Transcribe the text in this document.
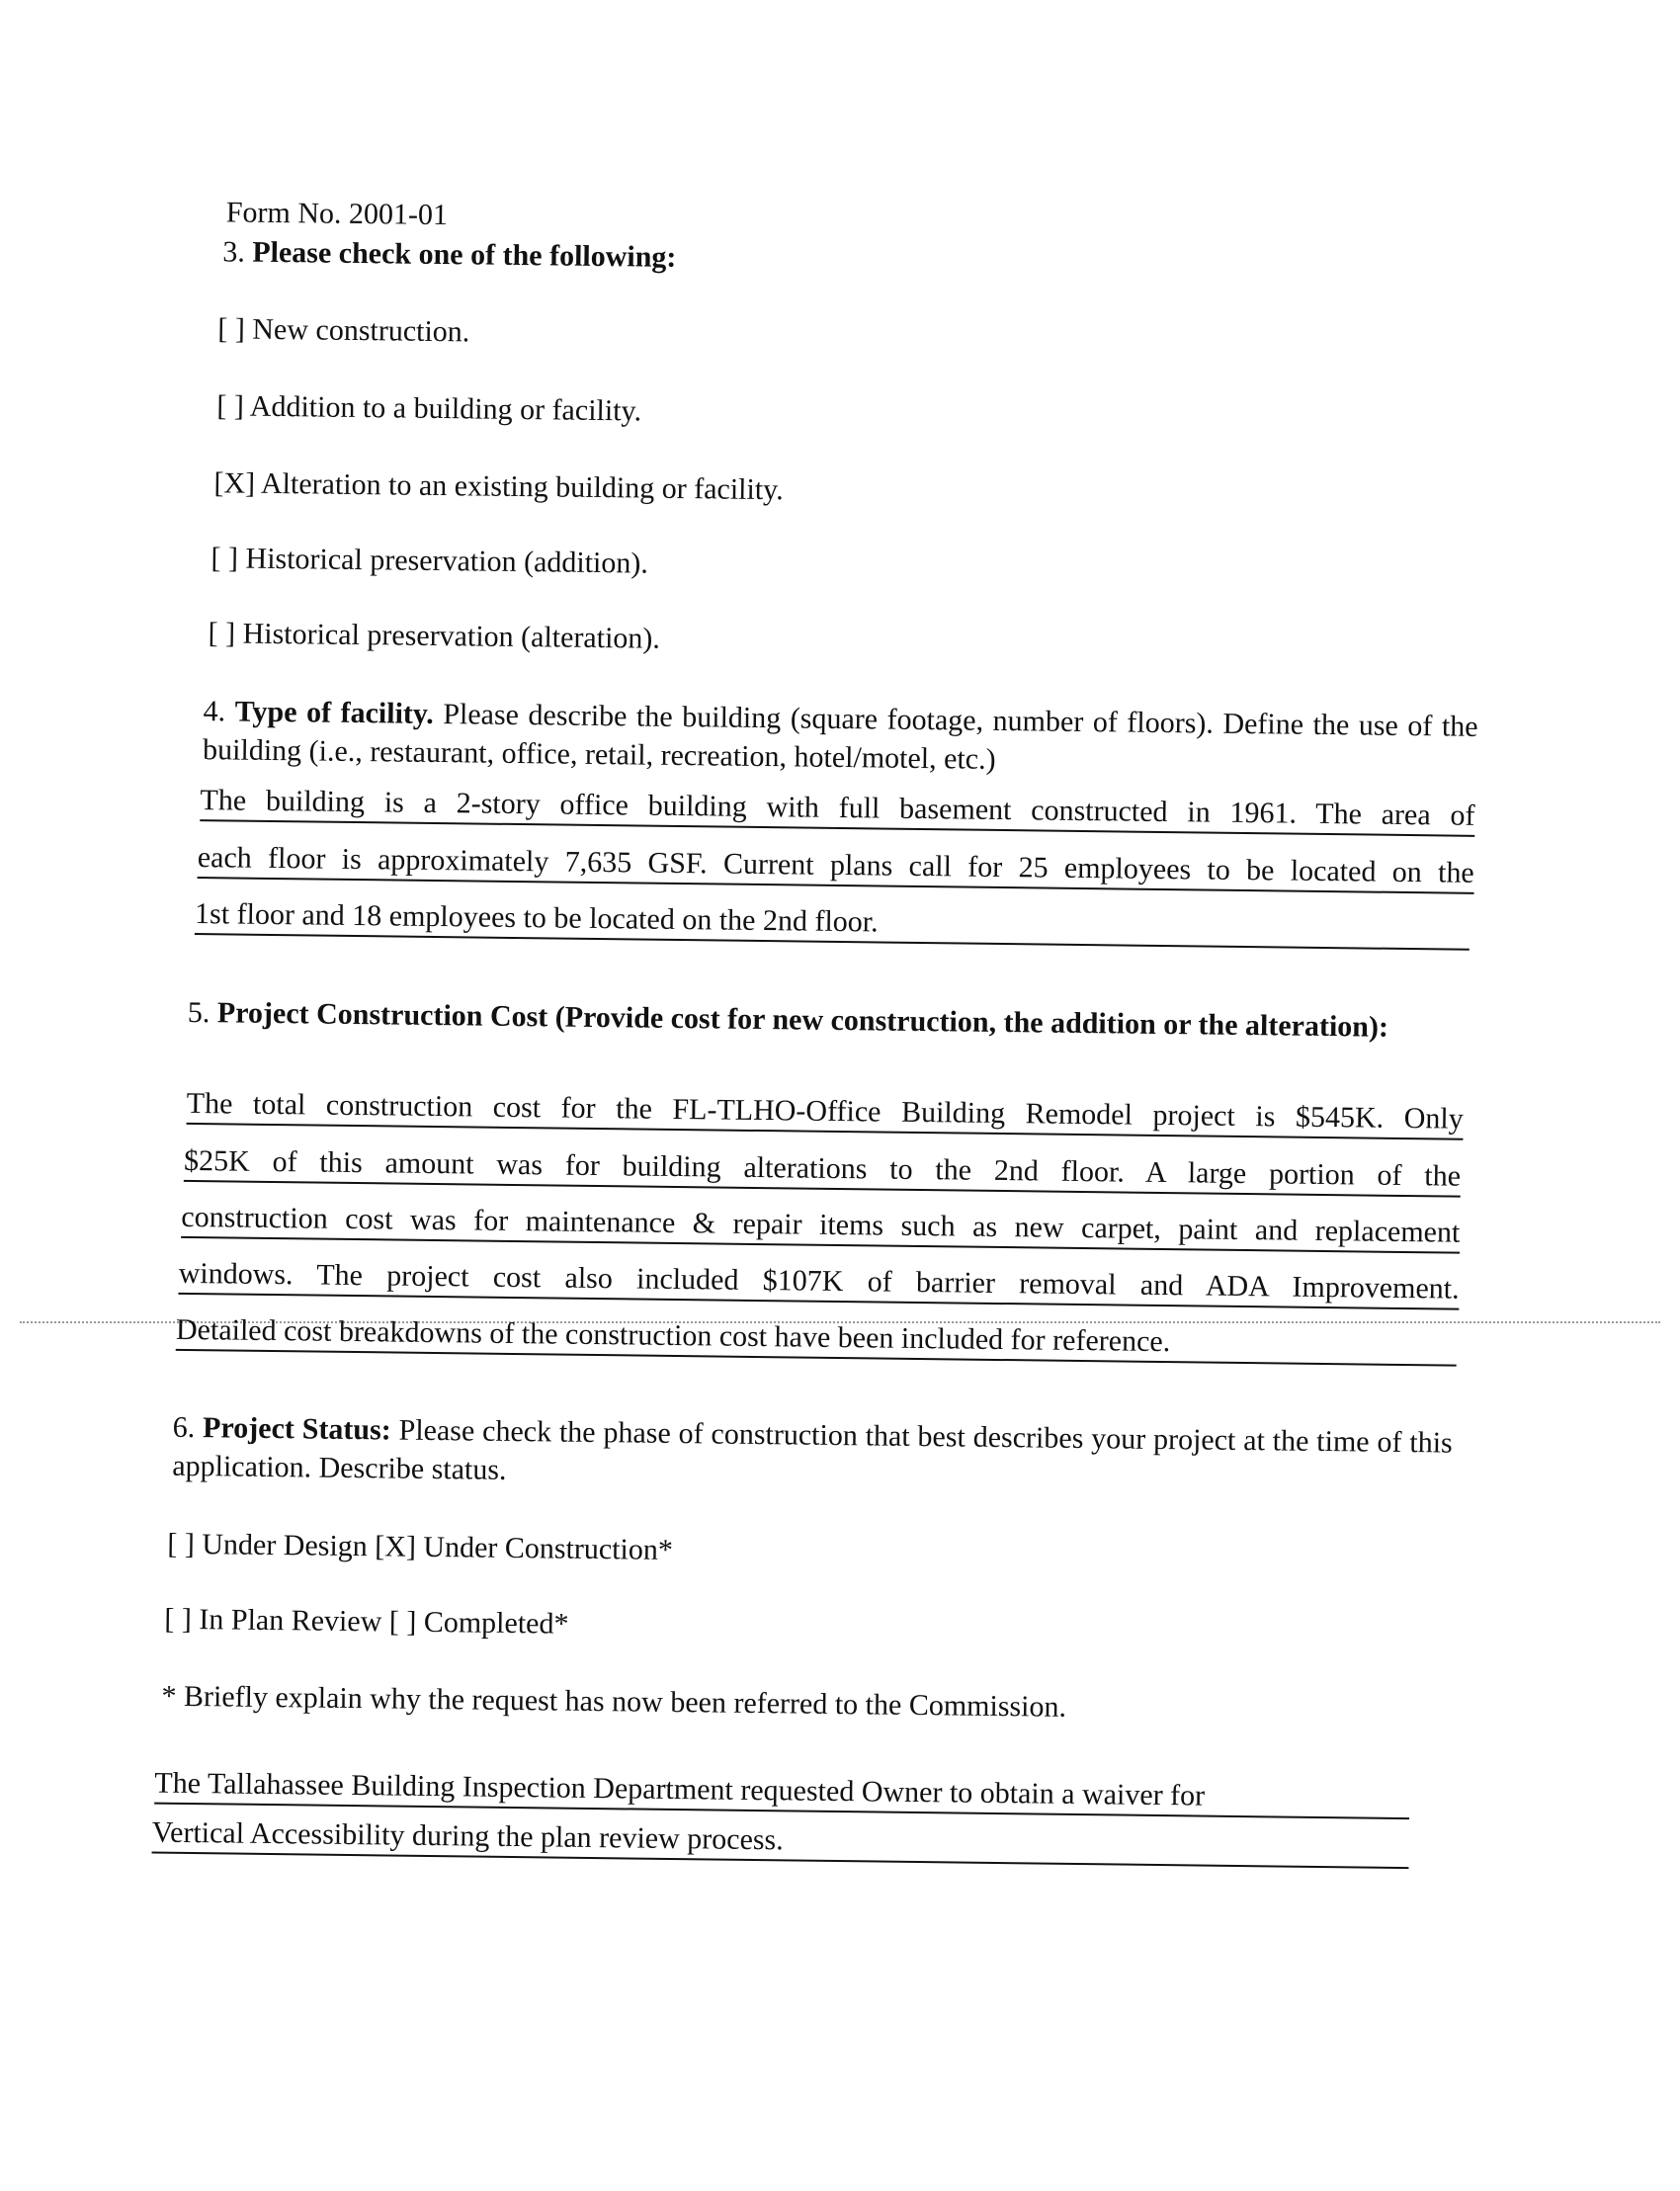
Form No. 2001-01
3. Please check one of the following:
[ ] New construction.
[ ] Addition to a building or facility.
[X] Alteration to an existing building or facility.
[ ] Historical preservation (addition).
[ ] Historical preservation (alteration).
4. Type of facility. Please describe the building (square footage, number of floors). Define the use of the building (i.e., restaurant, office, retail, recreation, hotel/motel, etc.)
The building is a 2-story office building with full basement constructed in 1961. The area of
each floor is approximately 7,635 GSF. Current plans call for 25 employees to be located on the
1st floor and 18 employees to be located on the 2nd floor.
5. Project Construction Cost (Provide cost for new construction, the addition or the alteration):
The total construction cost for the FL-TLHO-Office Building Remodel project is $545K. Only
$25K of this amount was for building alterations to the 2nd floor. A large portion of the
construction cost was for maintenance & repair items such as new carpet, paint and replacement
windows. The project cost also included $107K of barrier removal and ADA Improvement.
Detailed cost breakdowns of the construction cost have been included for reference.
6. Project Status: Please check the phase of construction that best describes your project at the time of this application. Describe status.
[ ] Under Design [X] Under Construction*
[ ] In Plan Review [ ] Completed*
* Briefly explain why the request has now been referred to the Commission.
The Tallahassee Building Inspection Department requested Owner to obtain a waiver for
Vertical Accessibility during the plan review process.
